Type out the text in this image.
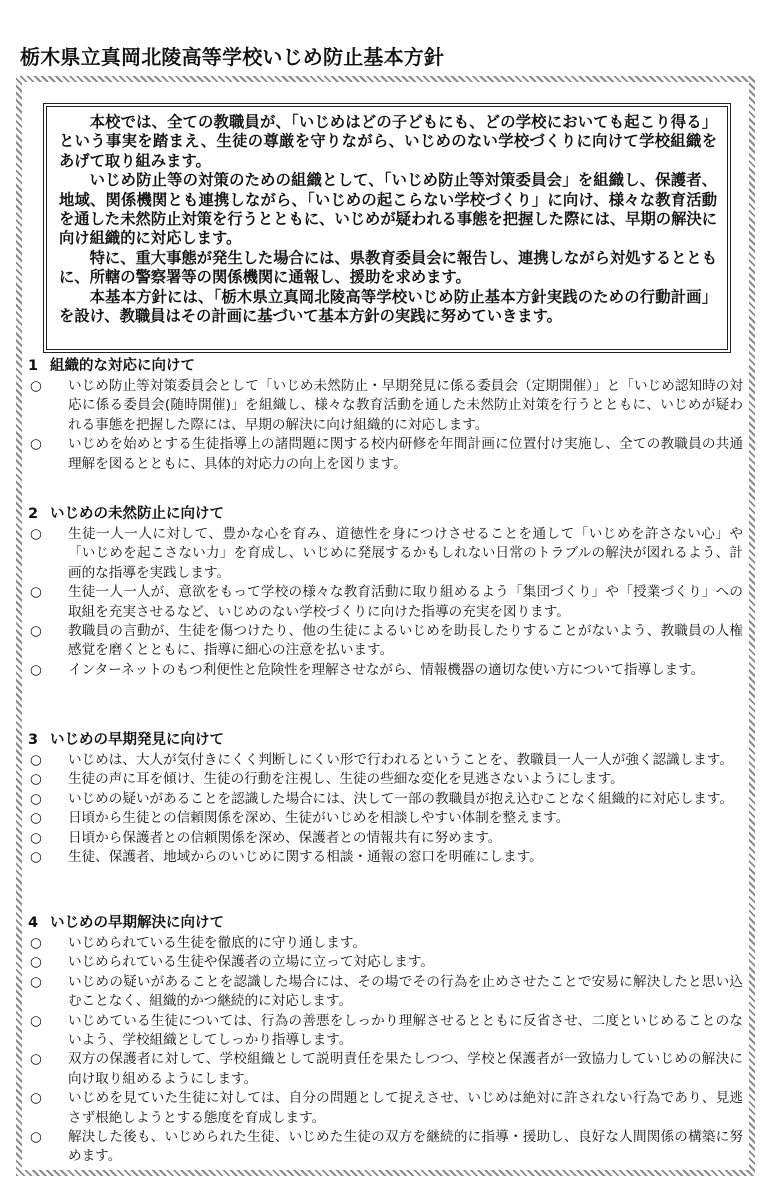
栃木県立真岡北陵高等学校いじめ防止基本方針

本校では、全ての教職員が、「いじめはどの子どもにも、どの学校においても起こり得る」という事実を踏まえ、生徒の尊厳を守りながら、いじめのない学校づくりに向けて学校組織をあげて取り組みます。

いじめ防止等の対策のための組織として、「いじめ防止等対策委員会」を組織し、保護者、地域、関係機関とも連携しながら、「いじめの起こらない学校づくり」に向け、様々な教育活動を通した未然防止対策を行うとともに、いじめが疑われる事態を把握した際には、早期の解決に向け組織的に対応します。

特に、重大事態が発生した場合には、県教育委員会に報告し、連携しながら対処するとともに、所轄の警察署等の関係機関に通報し、援助を求めます。

本基本方針には、「栃木県立真岡北陵高等学校いじめ防止基本方針実践のための行動計画」を設け、教職員はその計画に基づいて基本方針の実践に努めていきます。

1 組織的な対応に向けて
○	いじめ防止等対策委員会として「いじめ未然防止・早期発見に係る委員会（定期開催）」と「いじめ認知時の対応に係る委員会(随時開催)」を組織し、様々な教育活動を通した未然防止対策を行うとともに、いじめが疑われる事態を把握した際には、早期の解決に向け組織的に対応します。
○	いじめを始めとする生徒指導上の諸問題に関する校内研修を年間計画に位置付け実施し、全ての教職員の共通理解を図るとともに、具体的対応力の向上を図ります。
2 いじめの未然防止に向けて
○	生徒一人一人に対して、豊かな心を育み、道徳性を身につけさせることを通して「いじめを許さない心」や「いじめを起こさない力」を育成し、いじめに発展するかもしれない日常のトラブルの解決が図れるよう、計画的な指導を実践します。
○	生徒一人一人が、意欲をもって学校の様々な教育活動に取り組めるよう「集団づくり」や「授業づくり」への取組を充実させるなど、いじめのない学校づくりに向けた指導の充実を図ります。
○	教職員の言動が、生徒を傷つけたり、他の生徒によるいじめを助長したりすることがないよう、教職員の人権感覚を磨くとともに、指導に細心の注意を払います。
○	インターネットのもつ利便性と危険性を理解させながら、情報機器の適切な使い方について指導します。
3 いじめの早期発見に向けて
○	いじめは、大人が気付きにくく判断しにくい形で行われるということを、教職員一人一人が強く認識します。
○	生徒の声に耳を傾け、生徒の行動を注視し、生徒の些細な変化を見逃さないようにします。
○	いじめの疑いがあることを認識した場合には、決して一部の教職員が抱え込むことなく組織的に対応します。
○	日頃から生徒との信頼関係を深め、生徒がいじめを相談しやすい体制を整えます。
○	日頃から保護者との信頼関係を深め、保護者との情報共有に努めます。
○	生徒、保護者、地域からのいじめに関する相談・通報の窓口を明確にします。
4 いじめの早期解決に向けて
○	いじめられている生徒を徹底的に守り通します。
○	いじめられている生徒や保護者の立場に立って対応します。
○	いじめの疑いがあることを認識した場合には、その場でその行為を止めさせたことで安易に解決したと思い込むことなく、組織的かつ継続的に対応します。
○	いじめている生徒については、行為の善悪をしっかり理解させるとともに反省させ、二度といじめることのないよう、学校組織としてしっかり指導します。
○	双方の保護者に対して、学校組織として説明責任を果たしつつ、学校と保護者が一致協力していじめの解決に向け取り組めるようにします。
○	いじめを見ていた生徒に対しては、自分の問題として捉えさせ、いじめは絶対に許されない行為であり、見逃さず根絶しようとする態度を育成します。
○	解決した後も、いじめられた生徒、いじめた生徒の双方を継続的に指導・援助し、良好な人間関係の構築に努めます。
